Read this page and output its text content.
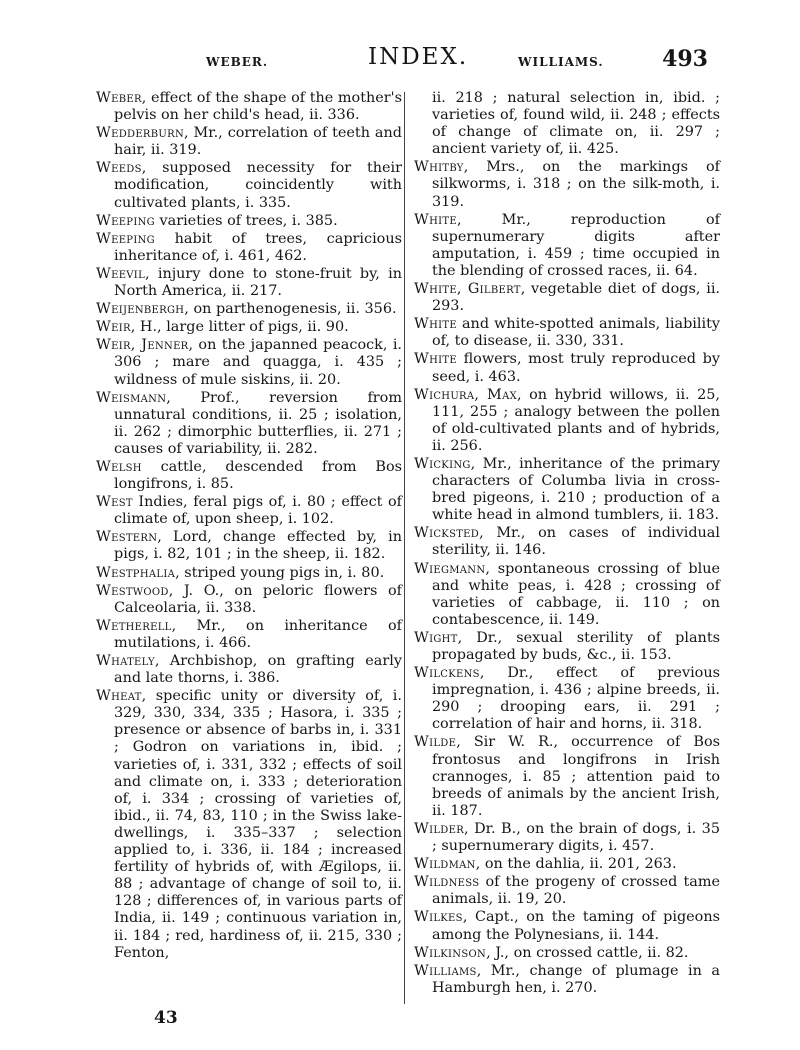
WEBER.	INDEX.	WILLIAMS.	493

Weber, effect of the shape of the mother's pelvis on her child's head, ii. 336.

Wedderburn, Mr., correlation of teeth and hair, ii. 319.

Weeds, supposed necessity for their modification, coincidently with cultivated plants, i. 335.

Weeping varieties of trees, i. 385.

Weeping habit of trees, capricious inheritance of, i. 461, 462.

Weevil, injury done to stone-fruit by, in North America, ii. 217.

Weijenbergh, on parthenogenesis, ii. 356.

Weir, H., large litter of pigs, ii. 90.

Weir, Jenner, on the japanned peacock, i. 306 ; mare and quagga, i. 435 ; wildness of mule siskins, ii. 20.

Weismann, Prof., reversion from unnatural conditions, ii. 25 ; isolation, ii. 262 ; dimorphic butterflies, ii. 271 ; causes of variability, ii. 282.

Welsh cattle, descended from Bos longifrons, i. 85.

West Indies, feral pigs of, i. 80 ; effect of climate of, upon sheep, i. 102.

Western, Lord, change effected by, in pigs, i. 82, 101 ; in the sheep, ii. 182.

Westphalia, striped young pigs in, i. 80.

Westwood, J. O., on peloric flowers of Calceolaria, ii. 338.

Wetherell, Mr., on inheritance of mutilations, i. 466.

Whately, Archbishop, on grafting early and late thorns, i. 386.

Wheat, specific unity or diversity of, i. 329, 330, 334, 335 ; Hasora, i. 335 ; presence or absence of barbs in, i. 331 ; Godron on variations in, ibid. ; varieties of, i. 331, 332 ; effects of soil and climate on, i. 333 ; deterioration of, i. 334 ; crossing of varieties of, ibid., ii. 74, 83, 110 ; in the Swiss lake-dwellings, i. 335–337 ; selection applied to, i. 336, ii. 184 ; increased fertility of hybrids of, with Ægilops, ii. 88 ; advantage of change of soil to, ii. 128 ; differences of, in various parts of India, ii. 149 ; continuous variation in, ii. 184 ; red, hardiness of, ii. 215, 330 ; Fenton,

ii. 218 ; natural selection in, ibid. ; varieties of, found wild, ii. 248 ; effects of change of climate on, ii. 297 ; ancient variety of, ii. 425.

Whitby, Mrs., on the markings of silkworms, i. 318 ; on the silk-moth, i. 319.

White, Mr., reproduction of supernumerary digits after amputation, i. 459 ; time occupied in the blending of crossed races, ii. 64.

White, Gilbert, vegetable diet of dogs, ii. 293.

White and white-spotted animals, liability of, to disease, ii. 330, 331.

White flowers, most truly reproduced by seed, i. 463.

Wichura, Max, on hybrid willows, ii. 25, 111, 255 ; analogy between the pollen of old-cultivated plants and of hybrids, ii. 256.

Wicking, Mr., inheritance of the primary characters of Columba livia in cross-bred pigeons, i. 210 ; production of a white head in almond tumblers, ii. 183.

Wicksted, Mr., on cases of individual sterility, ii. 146.

Wiegmann, spontaneous crossing of blue and white peas, i. 428 ; crossing of varieties of cabbage, ii. 110 ; on contabescence, ii. 149.

Wight, Dr., sexual sterility of plants propagated by buds, &c., ii. 153.

Wilckens, Dr., effect of previous impregnation, i. 436 ; alpine breeds, ii. 290 ; drooping ears, ii. 291 ; correlation of hair and horns, ii. 318.

Wilde, Sir W. R., occurrence of Bos frontosus and longifrons in Irish crannoges, i. 85 ; attention paid to breeds of animals by the ancient Irish, ii. 187.

Wilder, Dr. B., on the brain of dogs, i. 35 ; supernumerary digits, i. 457.

Wildman, on the dahlia, ii. 201, 263.

Wildness of the progeny of crossed tame animals, ii. 19, 20.

Wilkes, Capt., on the taming of pigeons among the Polynesians, ii. 144.

Wilkinson, J., on crossed cattle, ii. 82.

Williams, Mr., change of plumage in a Hamburgh hen, i. 270.

43
